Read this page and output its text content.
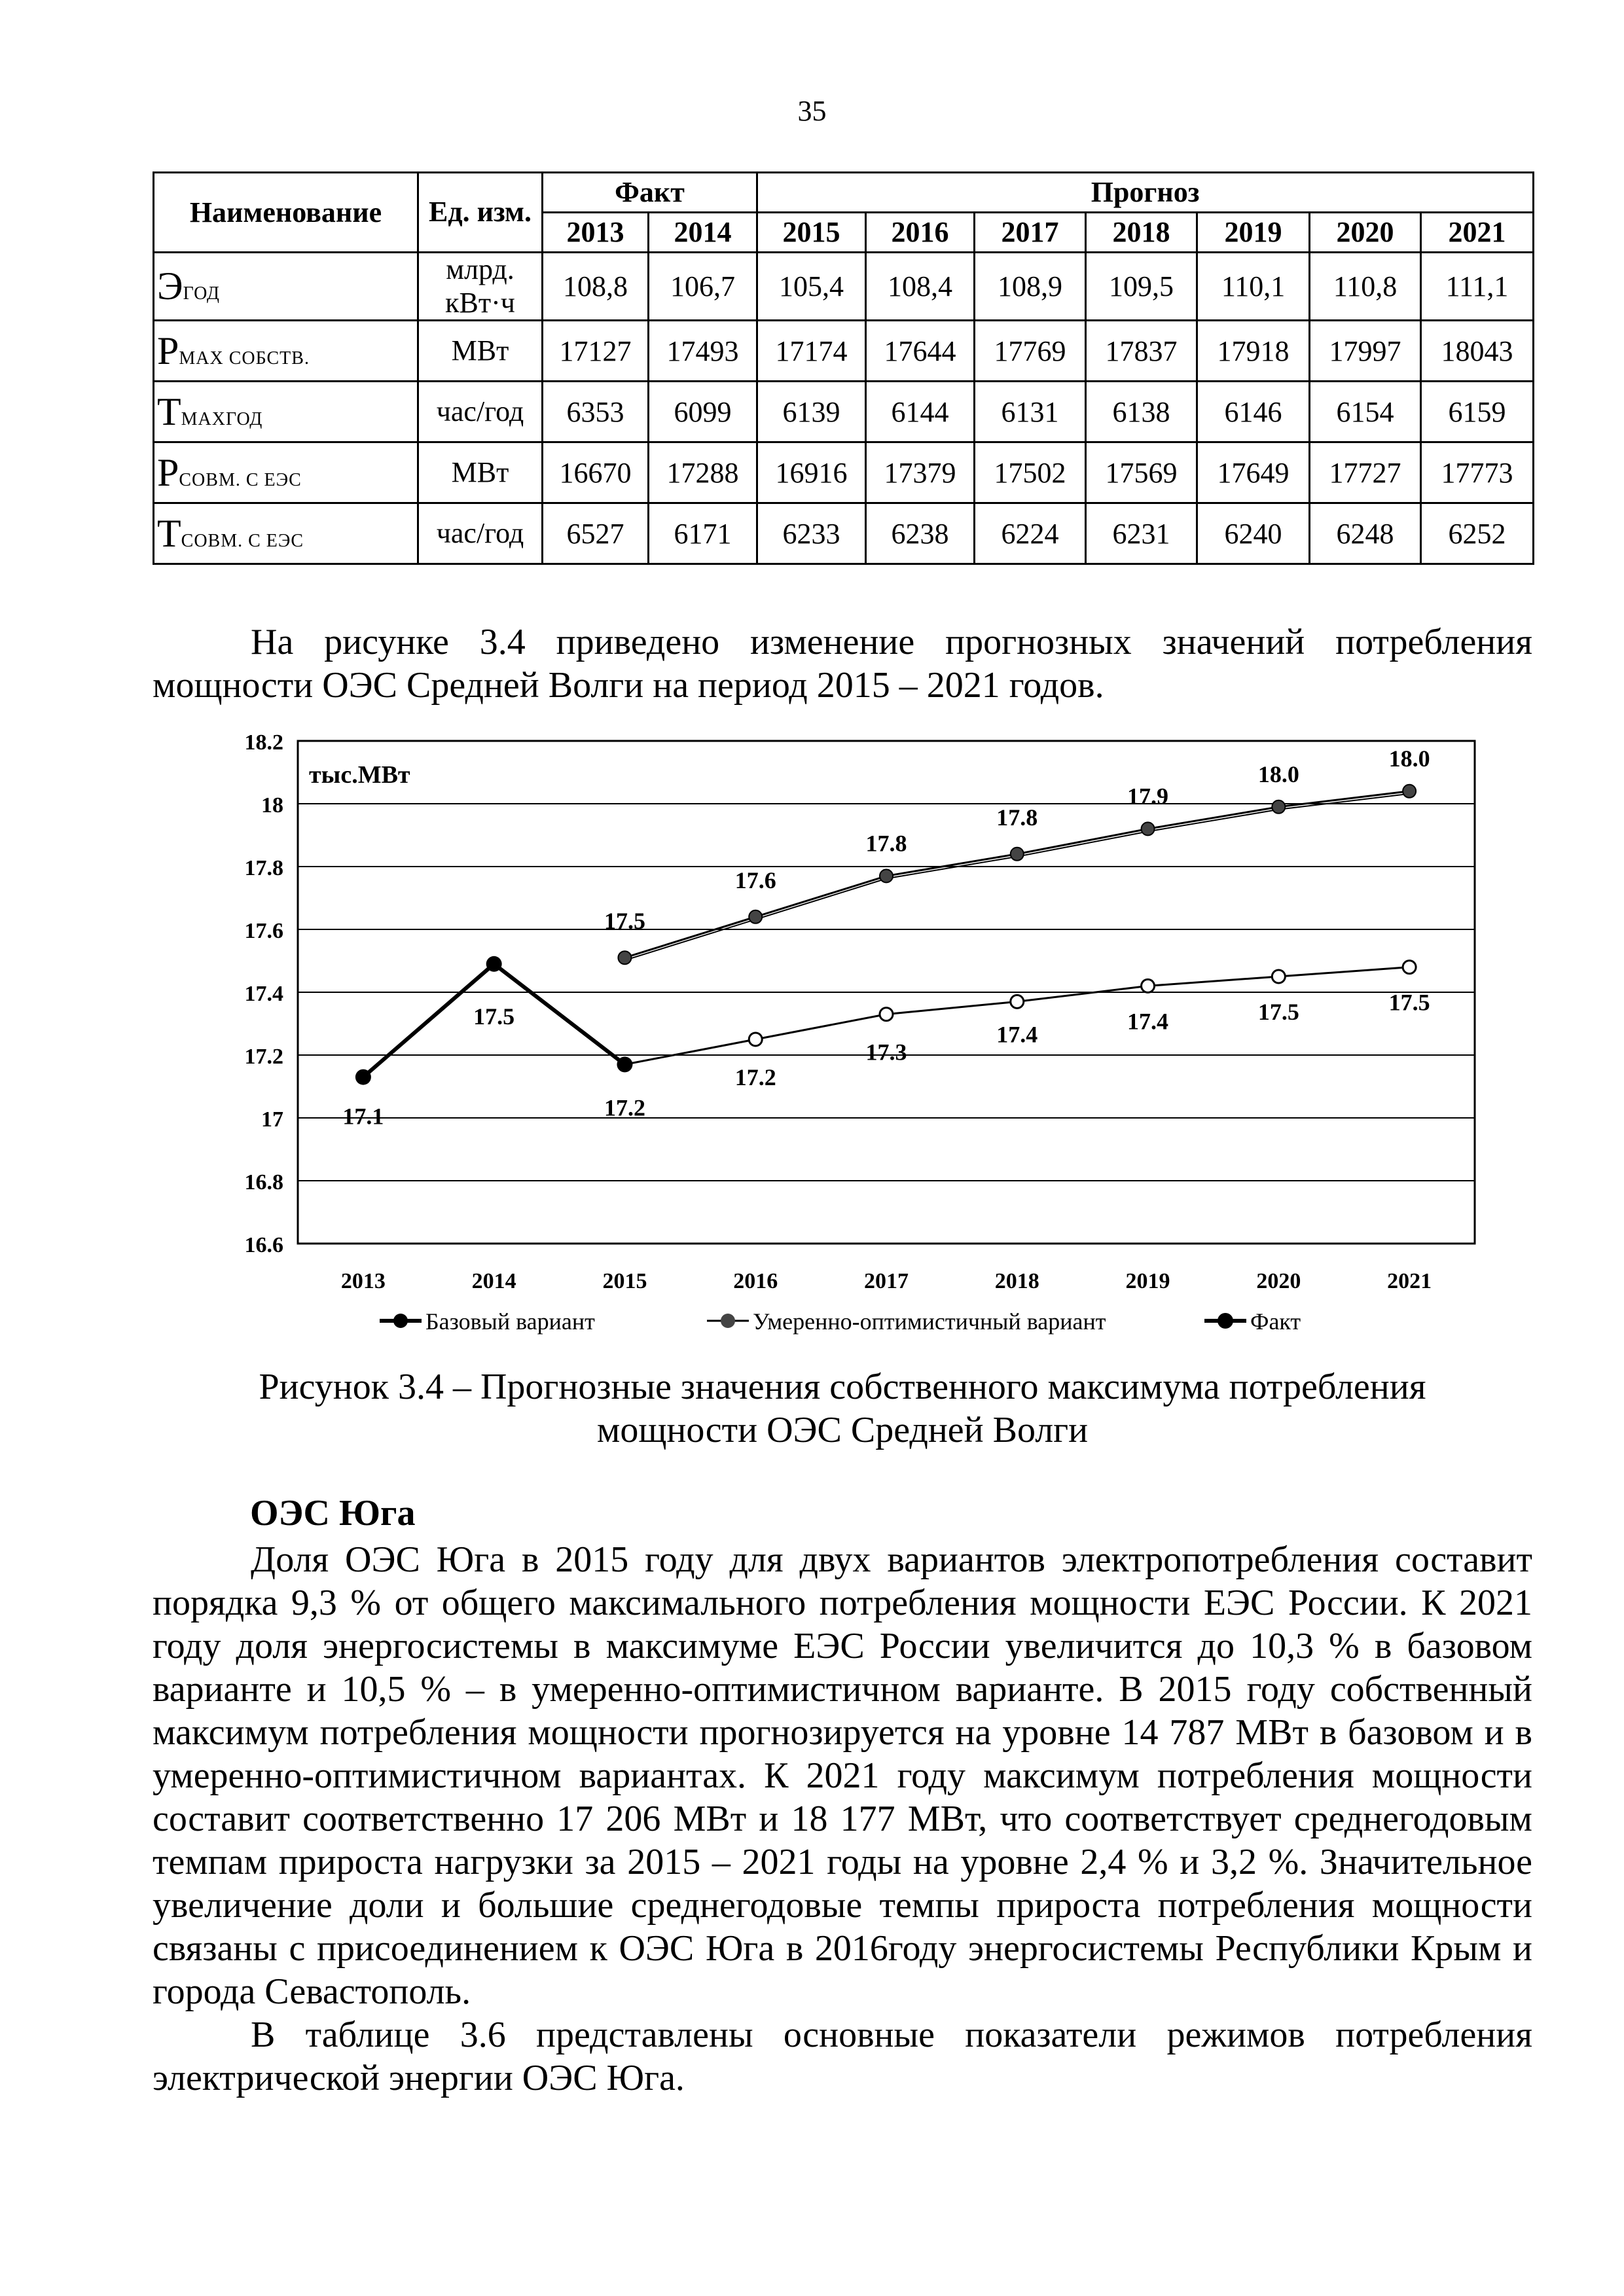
35
Наименование	Ед. изм.	Факт		Прогноз						
		2013	2014	2015	2016	2017	2018	2019	2020	2021
ЭГОД	млрд. кВт·ч	108,8	106,7	105,4	108,4	108,9	109,5	110,1	110,8	111,1
PMAX СОБСТВ.	МВт	17127	17493	17174	17644	17769	17837	17918	17997	18043
TMAXГОД	час/год	6353	6099	6139	6144	6131	6138	6146	6154	6159
PСОВМ. С ЕЭС	МВт	16670	17288	16916	17379	17502	17569	17649	17727	17773
TСОВМ. С ЕЭС	час/год	6527	6171	6233	6238	6224	6231	6240	6248	6252
На рисунке 3.4 приведено изменение прогнозных значений потребления мощности ОЭС Средней Волги на период 2015 – 2021 годов.
16.6
16.8
17
17.2
17.4
17.6
17.8
18
18.2
2013	2014	2015	2016	2017	2018	2019	2020	2021
тыс.МВт
17.2
17.2
17.3
17.4	17.4	17.5	17.5
17.5
17.6
17.8
17.8
17.9
18.0
18.0
17.1
17.5
Базовый вариант	Умеренно-оптимистичный вариант	Факт
Рисунок 3.4 – Прогнозные значения собственного максимума потребления
мощности ОЭС Средней Волги
ОЭС Юга
Доля ОЭС Юга в 2015 году для двух вариантов электропотребления составит порядка 9,3 % от общего максимального потребления мощности ЕЭС России. К 2021 году доля энергосистемы в максимуме ЕЭС России увеличится до 10,3 % в базовом варианте и 10,5 % – в умеренно-оптимистичном варианте. В 2015 году собственный максимум потребления мощности прогнозируется на уровне 14 787 МВт в базовом и в умеренно-оптимистичном вариантах. К 2021 году максимум потребления мощности составит соответственно 17 206 МВт и 18 177 МВт, что соответствует среднегодовым темпам прироста нагрузки за 2015 – 2021 годы на уровне 2,4 % и 3,2 %. Значительное увеличение доли и большие среднегодовые темпы прироста потребления мощности связаны с присоединением к ОЭС Юга в 2016году энергосистемы Республики Крым и города Севастополь.
В таблице 3.6 представлены основные показатели режимов потребления электрической энергии ОЭС Юга.
